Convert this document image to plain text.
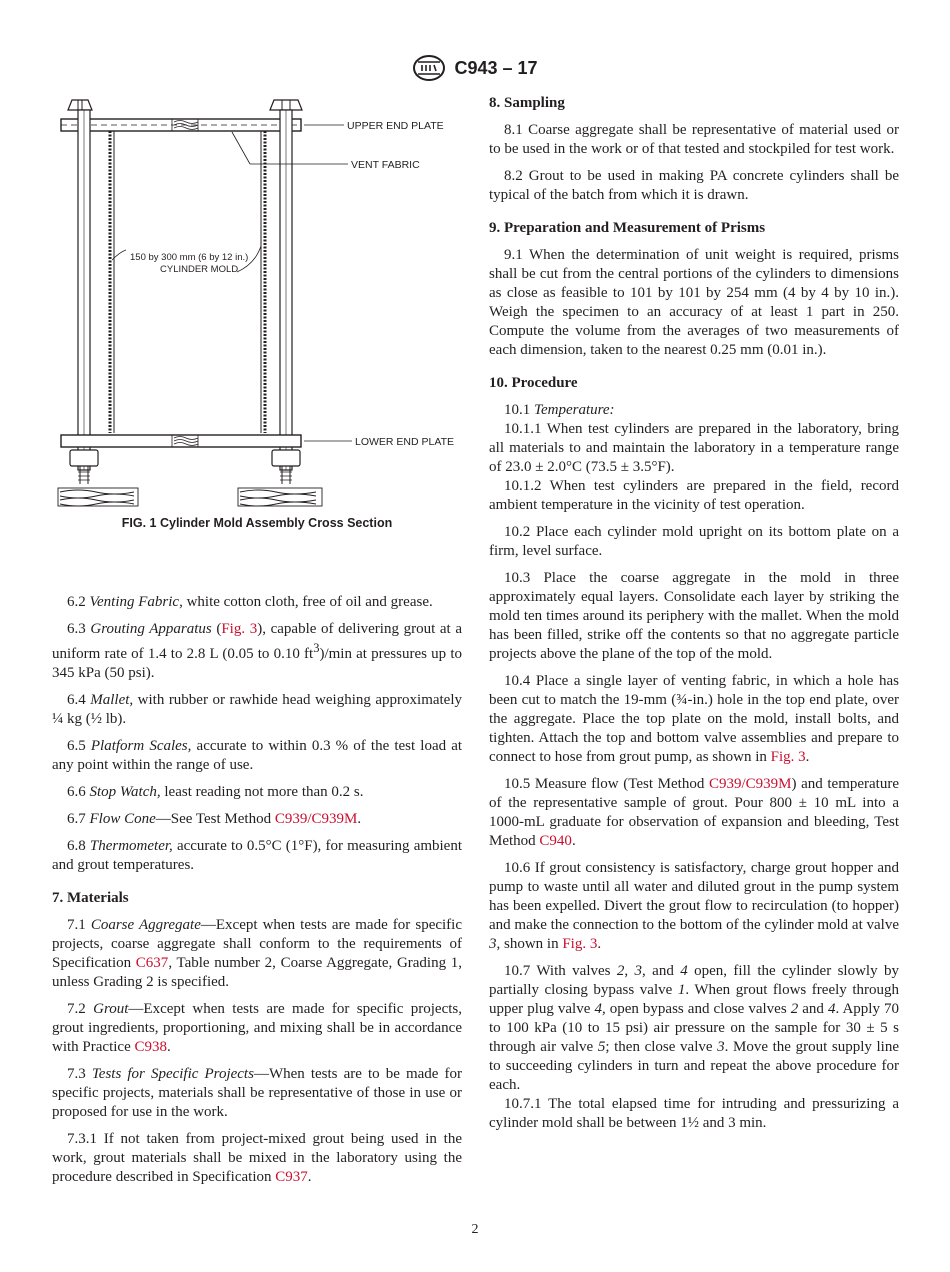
C943 – 17
UPPER END PLATE
VENT FABRIC
150 by 300 mm (6 by 12 in.)
CYLINDER MOLD
LOWER END PLATE
FIG. 1 Cylinder Mold Assembly Cross Section

6.2 Venting Fabric, white cotton cloth, free of oil and grease.

6.3 Grouting Apparatus (Fig. 3), capable of delivering grout at a uniform rate of 1.4 to 2.8 L (0.05 to 0.10 $ft^3)/\min$ at pressures up to 345 kPa (50 psi).

6.4 Mallet, with rubber or rawhide head weighing approximately ¼ kg (½ lb).

6.5 Platform Scales, accurate to within 0.3 % of the test load at any point within the range of use.

6.6 Stop Watch, least reading not more than 0.2 s.

6.7 Flow Cone—See Test Method C939/C939M.

6.8 Thermometer, accurate to 0.5°C (1°F), for measuring ambient and grout temperatures.

7. Materials

7.1 Coarse Aggregate—Except when tests are made for specific projects, coarse aggregate shall conform to the requirements of Specification C637, Table number 2, Coarse Aggregate, Grading 1, unless Grading 2 is specified.

7.2 Grout—Except when tests are made for specific projects, grout ingredients, proportioning, and mixing shall be in accordance with Practice C938.

7.3 Tests for Specific Projects—When tests are to be made for specific projects, materials shall be representative of those in use or proposed for use in the work.

7.3.1 If not taken from project-mixed grout being used in the work, grout materials shall be mixed in the laboratory using the procedure described in Specification C937.

8. Sampling

8.1 Coarse aggregate shall be representative of material used or to be used in the work or of that tested and stockpiled for test work.

8.2 Grout to be used in making PA concrete cylinders shall be typical of the batch from which it is drawn.

9. Preparation and Measurement of Prisms

9.1 When the determination of unit weight is required, prisms shall be cut from the central portions of the cylinders to dimensions as close as feasible to 101 by 101 by 254 mm (4 by 4 by 10 in.). Weigh the specimen to an accuracy of at least 1 part in 250. Compute the volume from the averages of two measurements of each dimension, taken to the nearest 0.25 mm (0.01 in.).

10. Procedure

10.1 Temperature:

10.1.1 When test cylinders are prepared in the laboratory, bring all materials to and maintain the laboratory in a temperature range of 23.0 ± 2.0°C (73.5 ± 3.5°F).

10.1.2 When test cylinders are prepared in the field, record ambient temperature in the vicinity of test operation.

10.2 Place each cylinder mold upright on its bottom plate on a firm, level surface.

10.3 Place the coarse aggregate in the mold in three approximately equal layers. Consolidate each layer by striking the mold ten times around its periphery with the mallet. When the mold has been filled, strike off the contents so that no aggregate particle projects above the plane of the top of the mold.

10.4 Place a single layer of venting fabric, in which a hole has been cut to match the 19-mm (¾-in.) hole in the top end plate, over the aggregate. Place the top plate on the mold, install bolts, and tighten. Attach the top and bottom valve assemblies and prepare to connect to hose from grout pump, as shown in Fig. 3.

10.5 Measure flow (Test Method C939/C939M) and temperature of the representative sample of grout. Pour 800 ± 10 mL into a 1000-mL graduate for observation of expansion and bleeding, Test Method C940.

10.6 If grout consistency is satisfactory, charge grout hopper and pump to waste until all water and diluted grout in the pump system has been expelled. Divert the grout flow to recirculation (to hopper) and make the connection to the bottom of the cylinder mold at valve 3, shown in Fig. 3.

10.7 With valves 2, 3, and 4 open, fill the cylinder slowly by partially closing bypass valve 1. When grout flows freely through upper plug valve 4, open bypass and close valves 2 and 4. Apply 70 to 100 kPa (10 to 15 psi) air pressure on the sample for 30 ± 5 s through air valve 5; then close valve 3. Move the grout supply line to succeeding cylinders in turn and repeat the above procedure for each.

10.7.1 The total elapsed time for intruding and pressurizing a cylinder mold shall be between 1½ and 3 min.

2
